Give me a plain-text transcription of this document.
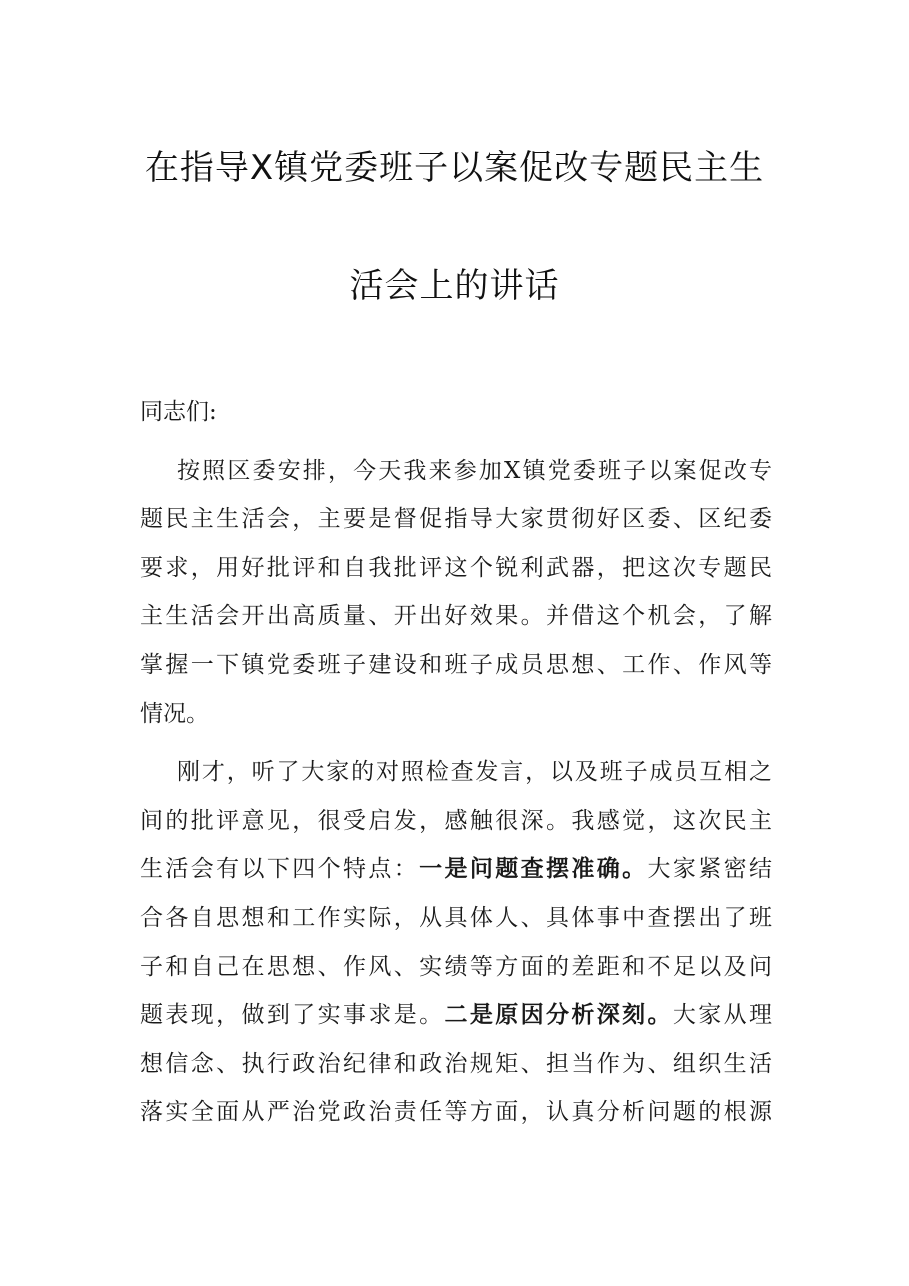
在指导X镇党委班子以案促改专题民主生
活会上的讲话
同志们:
按照区委安排，今天我来参加X镇党委班子以案促改专
题民主生活会，主要是督促指导大家贯彻好区委、区纪委
要求，用好批评和自我批评这个锐利武器，把这次专题民
主生活会开出高质量、开出好效果。并借这个机会，了解
掌握一下镇党委班子建设和班子成员思想、工作、作风等
情况。
刚才，听了大家的对照检查发言，以及班子成员互相之
间的批评意见，很受启发，感触很深。我感觉，这次民主
生活会有以下四个特点：一是问题查摆准确。大家紧密结
合各自思想和工作实际，从具体人、具体事中查摆出了班
子和自己在思想、作风、实绩等方面的差距和不足以及问
题表现，做到了实事求是。二是原因分析深刻。大家从理
想信念、执行政治纪律和政治规矩、担当作为、组织生活
落实全面从严治党政治责任等方面，认真分析问题的根源
